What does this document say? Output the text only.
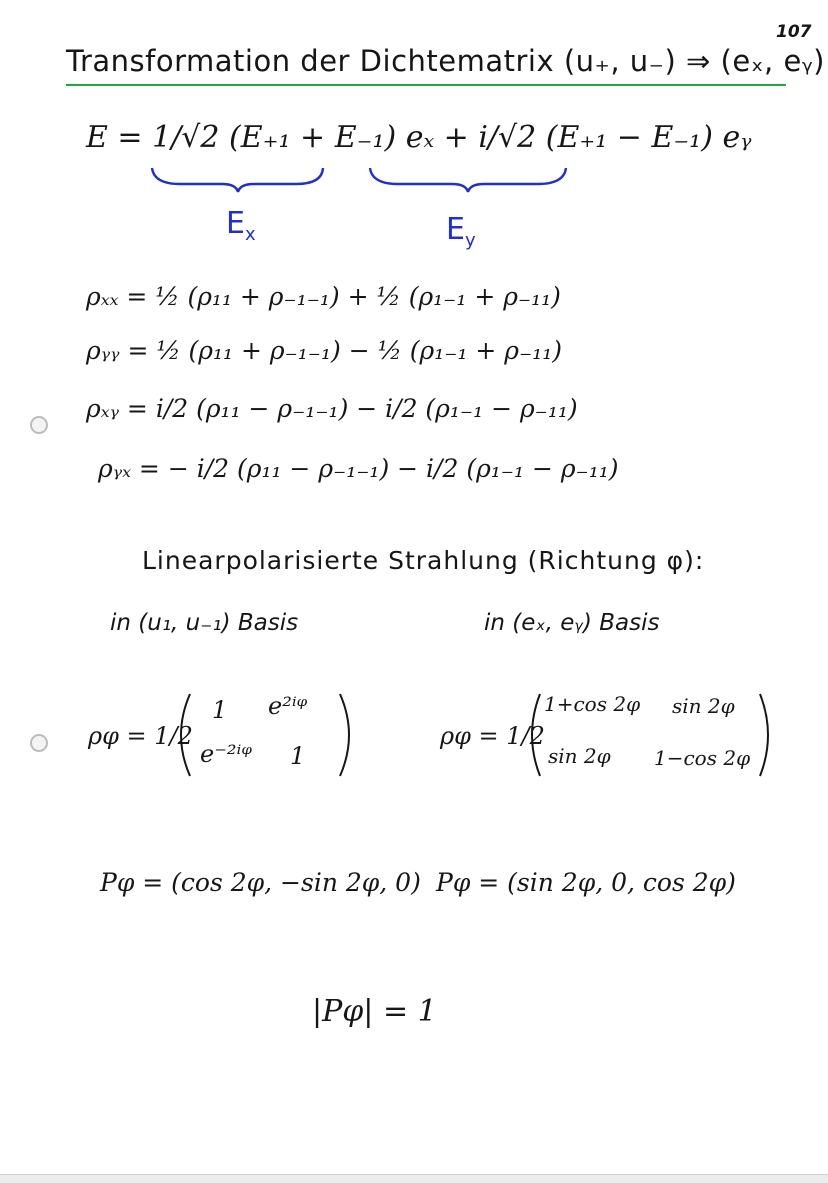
107
Transformation der Dichtematrix (u₊, u₋) ⇒ (eₓ, eᵧ)
E = 1/√2 (E₊₁ + E₋₁) eₓ + i/√2 (E₊₁ − E₋₁) eᵧ
$E_x$	$E_y$
ρₓₓ = ½ (ρ₁₁ + ρ₋₁₋₁) + ½ (ρ₁₋₁ + ρ₋₁₁)
ρᵧᵧ = ½ (ρ₁₁ + ρ₋₁₋₁) − ½ (ρ₁₋₁ + ρ₋₁₁)
ρₓᵧ = i/2 (ρ₁₁ − ρ₋₁₋₁) − i/2 (ρ₁₋₁ − ρ₋₁₁)
ρᵧₓ = − i/2 (ρ₁₁ − ρ₋₁₋₁) − i/2 (ρ₁₋₁ − ρ₋₁₁)
Linearpolarisierte Strahlung (Richtung φ):
in (u₁, u₋₁) Basis	in (eₓ, eᵧ) Basis
ρφ = 1/2
1 e²ⁱᵠ
e⁻²ⁱᵠ 1
ρφ = 1/2
1+cos 2φ sin 2φ
sin 2φ 1−cos 2φ
Pφ = (cos 2φ, −sin 2φ, 0) Pφ = (sin 2φ, 0, cos 2φ)
|Pφ| = 1
